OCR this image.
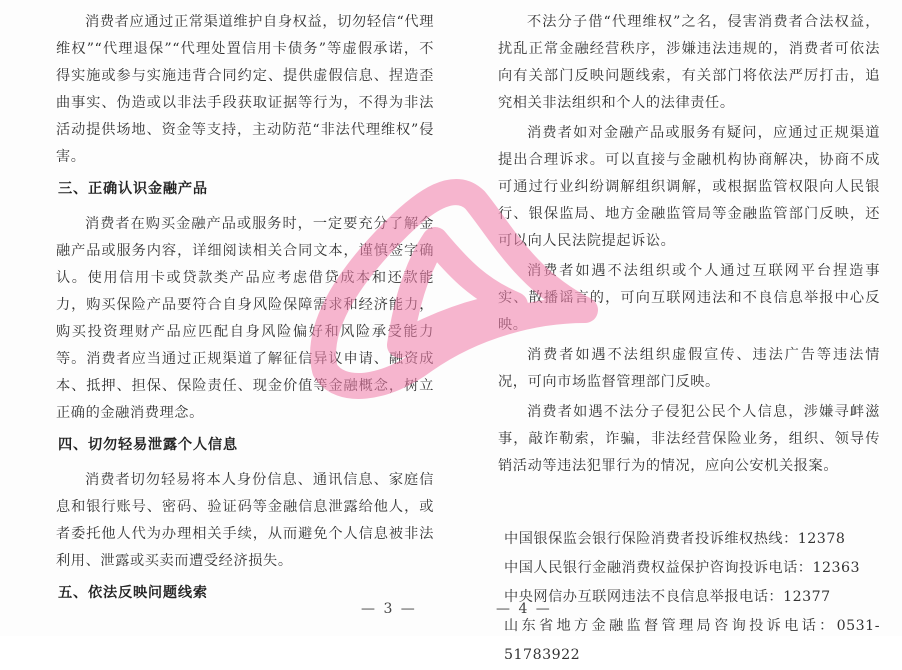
消费者应通过正常渠道维护自身权益，切勿轻信“代理维权”“代理退保”“代理处置信用卡债务”等虚假承诺，不得实施或参与实施违背合同约定、提供虚假信息、捏造歪曲事实、伪造或以非法手段获取证据等行为，不得为非法活动提供场地、资金等支持，主动防范“非法代理维权”侵害。

三、正确认识金融产品

消费者在购买金融产品或服务时，一定要充分了解金融产品或服务内容，详细阅读相关合同文本，谨慎签字确认。使用信用卡或贷款类产品应考虑借贷成本和还款能力，购买保险产品要符合自身风险保障需求和经济能力，购买投资理财产品应匹配自身风险偏好和风险承受能力等。消费者应当通过正规渠道了解征信异议申请、融资成本、抵押、担保、保险责任、现金价值等金融概念，树立正确的金融消费理念。

四、切勿轻易泄露个人信息

消费者切勿轻易将本人身份信息、通讯信息、家庭信息和银行账号、密码、验证码等金融信息泄露给他人，或者委托他人代为办理相关手续，从而避免个人信息被非法利用、泄露或买卖而遭受经济损失。

五、依法反映问题线索

不法分子借“代理维权”之名，侵害消费者合法权益，扰乱正常金融经营秩序，涉嫌违法违规的，消费者可依法向有关部门反映问题线索，有关部门将依法严厉打击，追究相关非法组织和个人的法律责任。

消费者如对金融产品或服务有疑问，应通过正规渠道提出合理诉求。可以直接与金融机构协商解决，协商不成可通过行业纠纷调解组织调解，或根据监管权限向人民银行、银保监局、地方金融监管局等金融监管部门反映，还可以向人民法院提起诉讼。

消费者如遇不法组织或个人通过互联网平台捏造事实、散播谣言的，可向互联网违法和不良信息举报中心反映。

消费者如遇不法组织虚假宣传、违法广告等违法情况，可向市场监督管理部门反映。

消费者如遇不法分子侵犯公民个人信息，涉嫌寻衅滋事，敲诈勒索，诈骗，非法经营保险业务，组织、领导传销活动等违法犯罪行为的情况，应向公安机关报案。

中国银保监会银行保险消费者投诉维权热线：12378

中国人民银行金融消费权益保护咨询投诉电话：12363

中央网信办互联网违法不良信息举报电话：12377

山东省地方金融监督管理局咨询投诉电话：0531-51783922

— 3 —	— 4 —
